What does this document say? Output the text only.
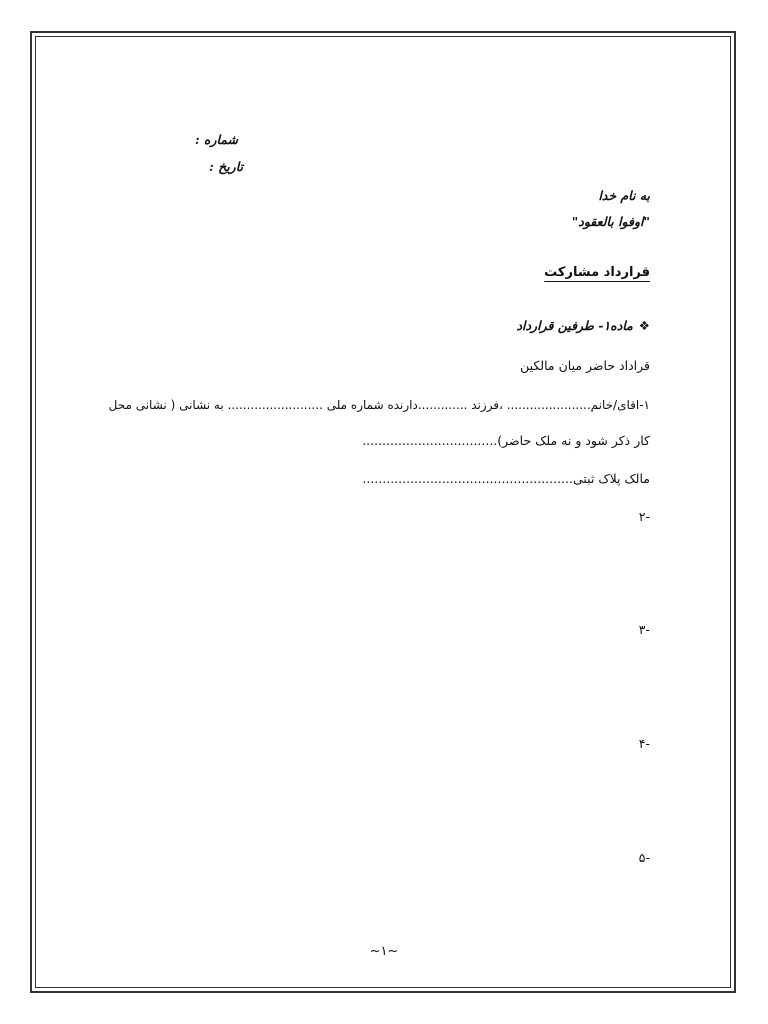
شماره :
تاریخ :
به نام خدا
"اوفوا بالعقود"
قرارداد مشارکت
❖ماده۱- طرفین قرارداد
قراداد حاضر میان مالکین
۱-اقای/خانم...................... ،فرزند .............دارنده شماره ملی ......................... به نشانی ( نشانی محل
کار ذکر شود و نه ملک حاضر)..................................
مالک پلاک ثبتی.....................................................
-۲
-۳
-۴
-۵
~۱~
